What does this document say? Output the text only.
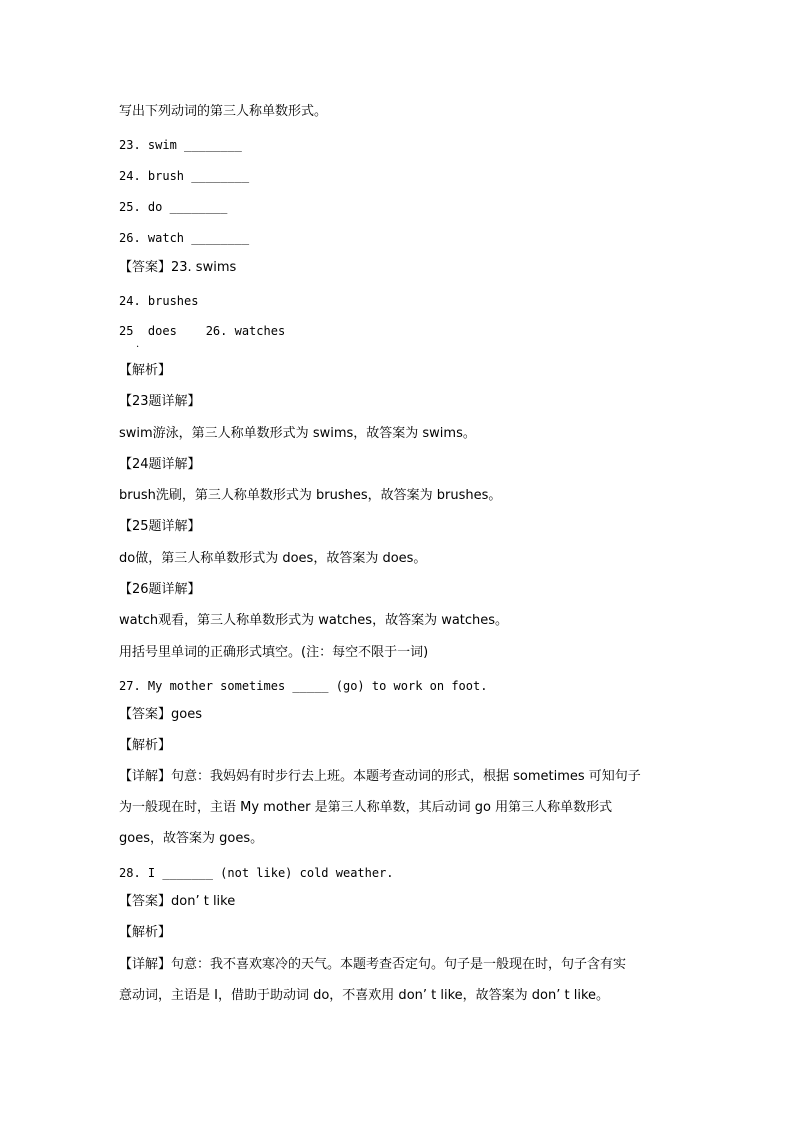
写出下列动词的第三人称单数形式。
23. swim ________
24. brush ________
25. do ________
26. watch ________
【答案】23. swims
24. brushes
25  does    26. watches
.
【解析】
【23题详解】
swim游泳，第三人称单数形式为 swims，故答案为 swims。
【24题详解】
brush洗刷，第三人称单数形式为 brushes，故答案为 brushes。
【25题详解】
do做，第三人称单数形式为 does，故答案为 does。
【26题详解】
watch观看，第三人称单数形式为 watches，故答案为 watches。
用括号里单词的正确形式填空。(注：每空不限于一词)
27. My mother sometimes _____ (go) to work on foot.
【答案】goes
【解析】
【详解】句意：我妈妈有时步行去上班。本题考查动词的形式，根据 sometimes 可知句子
为一般现在时，主语 My mother 是第三人称单数，其后动词 go 用第三人称单数形式
goes，故答案为 goes。
28. I _______ (not like) cold weather.
【答案】don’ t like
【解析】
【详解】句意：我不喜欢寒冷的天气。本题考查否定句。句子是一般现在时，句子含有实
意动词，主语是 I，借助于助动词 do，不喜欢用 don’ t like，故答案为 don’ t like。
